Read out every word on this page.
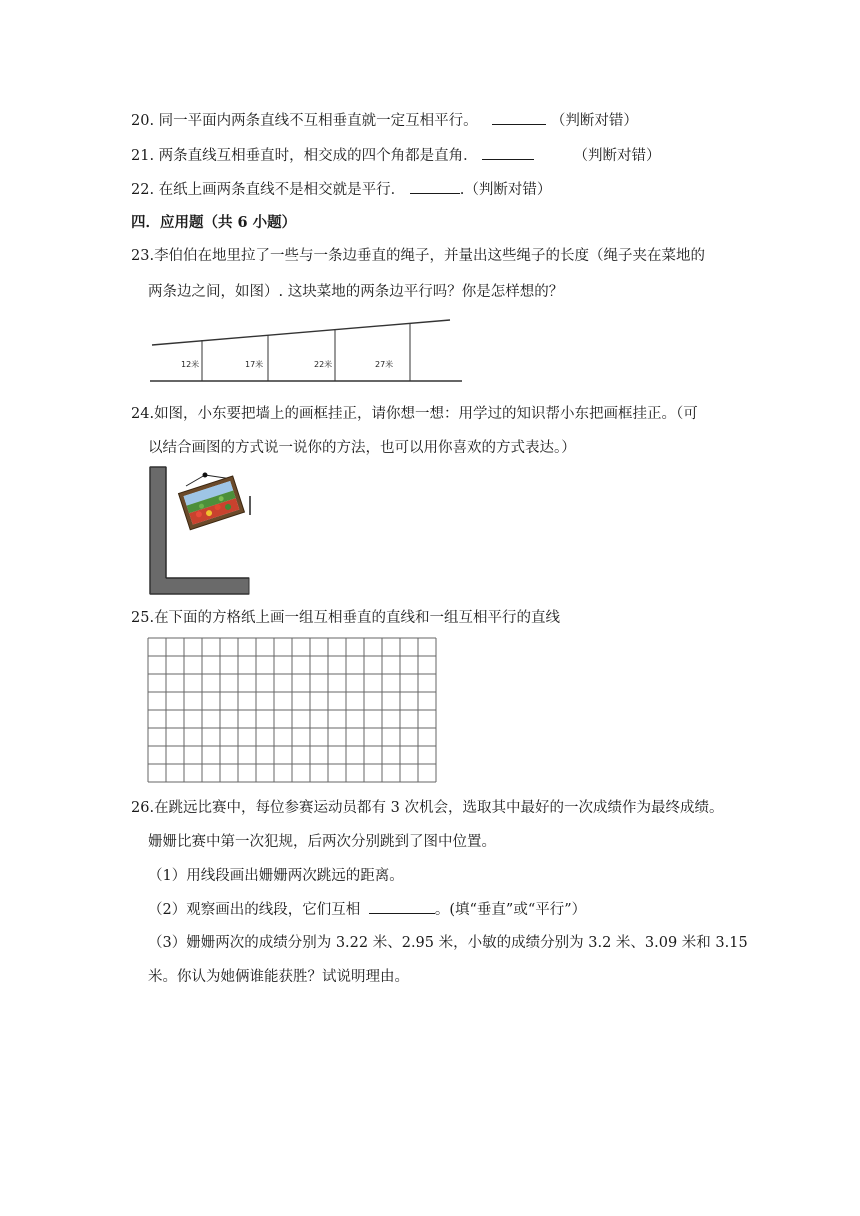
20. 同一平面内两条直线不互相垂直就一定互相平行。	（判断对错）
21. 两条直线互相垂直时，相交成的四个角都是直角．	（判断对错）
22. 在纸上画两条直线不是相交就是平行．	.（判断对错）
四．应用题（共 6 小题）
23.李伯伯在地里拉了一些与一条边垂直的绳子，并量出这些绳子的长度（绳子夹在菜地的
两条边之间，如图）. 这块菜地的两条边平行吗？你是怎样想的？
12米	17米	22米	27米
24.如图，小东要把墙上的画框挂正，请你想一想：用学过的知识帮小东把画框挂正。（可
以结合画图的方式说一说你的方法，也可以用你喜欢的方式表达。）
25.在下面的方格纸上画一组互相垂直的直线和一组互相平行的直线
26.在跳远比赛中，每位参赛运动员都有 3 次机会，选取其中最好的一次成绩作为最终成绩。
姗姗比赛中第一次犯规，后两次分别跳到了图中位置。
（1）用线段画出姗姗两次跳远的距离。
（2）观察画出的线段，它们互相	。(填“垂直”或“平行”）
（3）姗姗两次的成绩分别为 3.22 米、2.95 米，小敏的成绩分别为 3.2 米、3.09 米和 3.15
米。你认为她俩谁能获胜？试说明理由。
